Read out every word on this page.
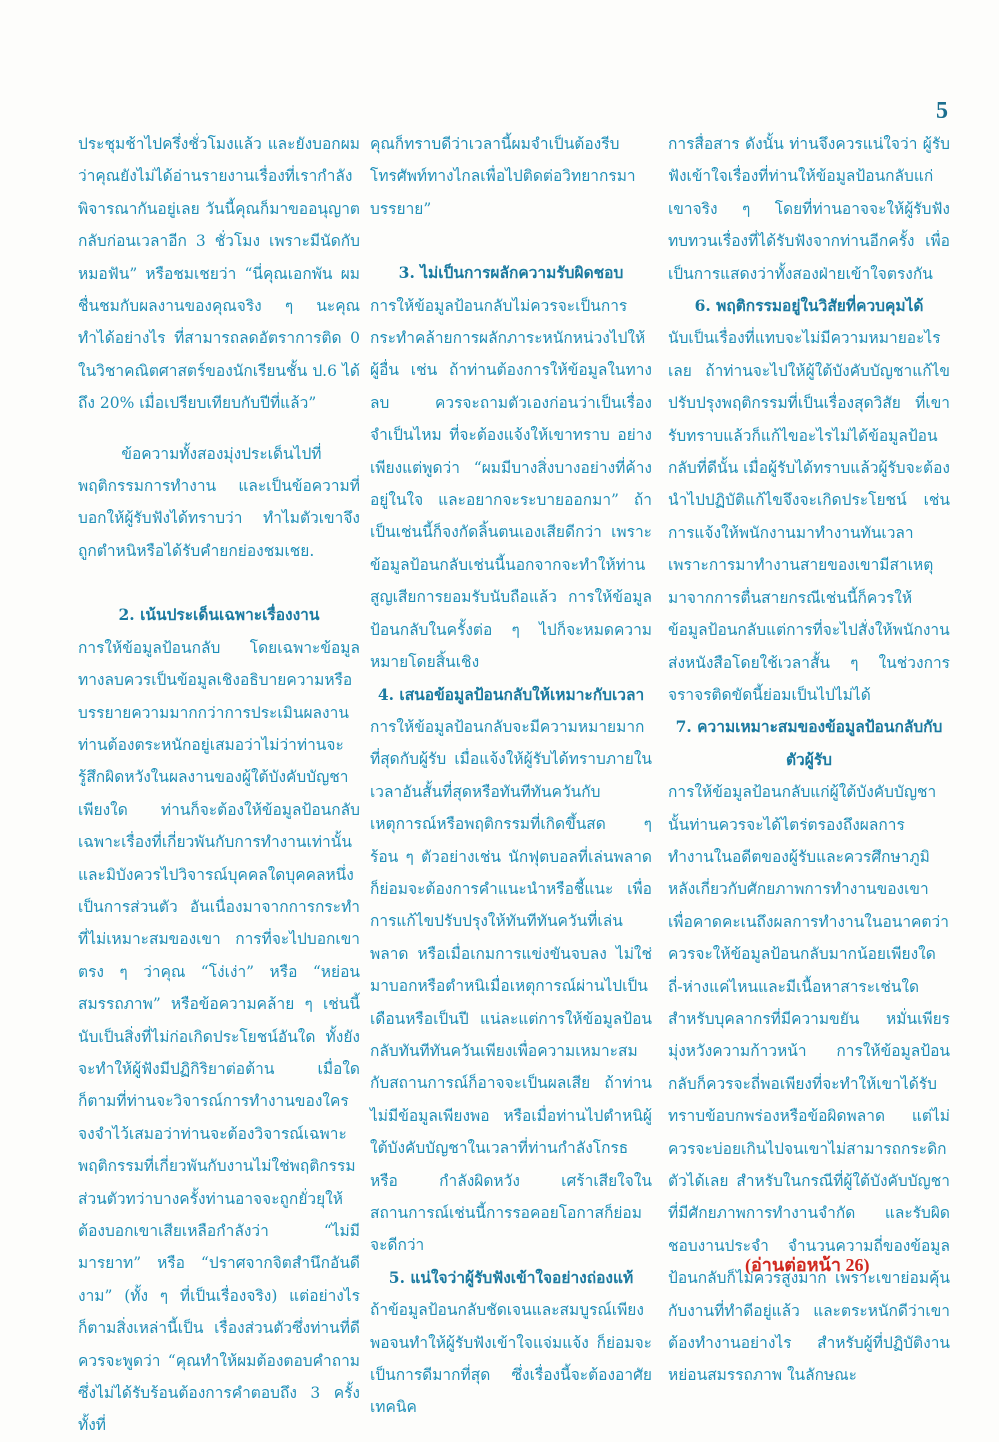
5

ประชุมช้าไปครึ่งชั่วโมงแล้ว และยังบอกผมว่าคุณยังไม่ได้อ่านรายงานเรื่องที่เรากำลังพิจารณากันอยู่เลย วันนี้คุณก็มาขออนุญาตกลับก่อนเวลาอีก 3 ชั่วโมง เพราะมีนัดกับหมอฟัน” หรือชมเชยว่า “นี่คุณเอกพัน ผมชื่นชมกับผลงานของคุณจริง ๆ นะคุณทำได้อย่างไร ที่สามารถลดอัตราการติด 0 ในวิชาคณิตศาสตร์ของนักเรียนชั้น ป.6 ได้ถึง 20% เมื่อเปรียบเทียบกับปีที่แล้ว”

ข้อความทั้งสองมุ่งประเด็นไปที่พฤติกรรมการทำงาน และเป็นข้อความที่บอกให้ผู้รับฟังได้ทราบว่า ทำไมตัวเขาจึงถูกตำหนิหรือได้รับคำยกย่องชมเชย.

2. เน้นประเด็นเฉพาะเรื่องงาน

การให้ข้อมูลป้อนกลับ โดยเฉพาะข้อมูลทางลบควรเป็นข้อมูลเชิงอธิบายความหรือบรรยายความมากกว่าการประเมินผลงาน ท่านต้องตระหนักอยู่เสมอว่าไม่ว่าท่านจะรู้สึกผิดหวังในผลงานของผู้ใต้บังคับบัญชาเพียงใด ท่านก็จะต้องให้ข้อมูลป้อนกลับเฉพาะเรื่องที่เกี่ยวพันกับการทำงานเท่านั้น และมิบังควรไปวิจารณ์บุคคลใดบุคคลหนึ่งเป็นการส่วนตัว อันเนื่องมาจากการกระทำที่ไม่เหมาะสมของเขา การที่จะไปบอกเขาตรง ๆ ว่าคุณ “โง่เง่า” หรือ “หย่อนสมรรถภาพ” หรือข้อความคล้าย ๆ เช่นนี้ นับเป็นสิ่งที่ไม่ก่อเกิดประโยชน์อันใด ทั้งยังจะทำให้ผู้ฟังมีปฏิกิริยาต่อต้าน เมื่อใดก็ตามที่ท่านจะวิจารณ์การทำงานของใครจงจำไว้เสมอว่าท่านจะต้องวิจารณ์เฉพาะพฤติกรรมที่เกี่ยวพันกับงานไม่ใช่พฤติกรรมส่วนตัวทว่าบางครั้งท่านอาจจะถูกยั่วยุให้ต้องบอกเขาเสียเหลือกำลังว่า “ไม่มีมารยาท” หรือ “ปราศจากจิตสำนึกอันดีงาม” (ทั้ง ๆ ที่เป็นเรื่องจริง) แต่อย่างไรก็ตามสิ่งเหล่านี้เป็น เรื่องส่วนตัวซึ่งท่านที่ดีควรจะพูดว่า “คุณทำให้ผมต้องตอบคำถามซึ่งไม่ได้รับร้อนต้องการคำตอบถึง 3 ครั้ง ทั้งที่

คุณก็ทราบดีว่าเวลานี้ผมจำเป็นต้องรีบโทรศัพท์ทางไกลเพื่อไปติดต่อวิทยากรมาบรรยาย”

3. ไม่เป็นการผลักความรับผิดชอบ

การให้ข้อมูลป้อนกลับไม่ควรจะเป็นการกระทำคล้ายการผลักภาระหนักหน่วงไปให้ผู้อื่น เช่น ถ้าท่านต้องการให้ข้อมูลในทางลบ ควรจะถามตัวเองก่อนว่าเป็นเรื่องจำเป็นไหม ที่จะต้องแจ้งให้เขาทราบ อย่างเพียงแต่พูดว่า “ผมมีบางสิ่งบางอย่างที่ค้างอยู่ในใจ และอยากจะระบายออกมา” ถ้าเป็นเช่นนี้ก็จงกัดลิ้นตนเองเสียดีกว่า เพราะข้อมูลป้อนกลับเช่นนี้นอกจากจะทำให้ท่านสูญเสียการยอมรับนับถือแล้ว การให้ข้อมูลป้อนกลับในครั้งต่อ ๆ ไปก็จะหมดความหมายโดยสิ้นเชิง

4. เสนอข้อมูลป้อนกลับให้เหมาะกับเวลา

การให้ข้อมูลป้อนกลับจะมีความหมายมากที่สุดกับผู้รับ เมื่อแจ้งให้ผู้รับได้ทราบภายในเวลาอันสั้นที่สุดหรือทันทีทันควันกับเหตุการณ์หรือพฤติกรรมที่เกิดขึ้นสด ๆ ร้อน ๆ ตัวอย่างเช่น นักฟุตบอลที่เล่นพลาด ก็ย่อมจะต้องการคำแนะนำหรือชี้แนะ เพื่อการแก้ไขปรับปรุงให้ทันทีทันควันที่เล่นพลาด หรือเมื่อเกมการแข่งขันจบลง ไม่ใช่มาบอกหรือตำหนิเมื่อเหตุการณ์ผ่านไปเป็นเดือนหรือเป็นปี แน่ละแต่การให้ข้อมูลป้อนกลับทันทีทันควันเพียงเพื่อความเหมาะสมกับสถานการณ์ก็อาจจะเป็นผลเสีย ถ้าท่านไม่มีข้อมูลเพียงพอ หรือเมื่อท่านไปตำหนิผู้ใต้บังคับบัญชาในเวลาที่ท่านกำลังโกรธ หรือ กำลังผิดหวัง เศร้าเสียใจในสถานการณ์เช่นนี้การรอคอยโอกาสก็ย่อมจะดีกว่า

5. แน่ใจว่าผู้รับฟังเข้าใจอย่างถ่องแท้

ถ้าข้อมูลป้อนกลับชัดเจนและสมบูรณ์เพียงพอจนทำให้ผู้รับฟังเข้าใจแจ่มแจ้ง ก็ย่อมจะเป็นการดีมากที่สุด ซึ่งเรื่องนี้จะต้องอาศัยเทคนิค

การสื่อสาร ดังนั้น ท่านจึงควรแน่ใจว่า ผู้รับฟังเข้าใจเรื่องที่ท่านให้ข้อมูลป้อนกลับแก่เขาจริง ๆ โดยที่ท่านอาจจะให้ผู้รับฟังทบทวนเรื่องที่ได้รับฟังจากท่านอีกครั้ง เพื่อเป็นการแสดงว่าทั้งสองฝ่ายเข้าใจตรงกัน

6. พฤติกรรมอยู่ในวิสัยที่ควบคุมได้

นับเป็นเรื่องที่แทบจะไม่มีความหมายอะไรเลย ถ้าท่านจะไปให้ผู้ใต้บังคับบัญชาแก้ไขปรับปรุงพฤติกรรมที่เป็นเรื่องสุดวิสัย ที่เขารับทราบแล้วก็แก้ไขอะไรไม่ได้ข้อมูลป้อนกลับที่ดีนั้น เมื่อผู้รับได้ทราบแล้วผู้รับจะต้องนำไปปฏิบัติแก้ไขจึงจะเกิดประโยชน์ เช่น การแจ้งให้พนักงานมาทำงานทันเวลา เพราะการมาทำงานสายของเขามีสาเหตุมาจากการตื่นสายกรณีเช่นนี้ก็ควรให้ข้อมูลป้อนกลับแต่การที่จะไปสั่งให้พนักงานส่งหนังสือโดยใช้เวลาสั้น ๆ ในช่วงการจราจรติดขัดนี้ย่อมเป็นไปไม่ได้

7. ความเหมาะสมของข้อมูลป้อนกลับกับตัวผู้รับ

การให้ข้อมูลป้อนกลับแก่ผู้ใต้บังคับบัญชานั้นท่านควรจะได้ไตร่ตรองถึงผลการทำงานในอดีตของผู้รับและควรศึกษาภูมิหลังเกี่ยวกับศักยภาพการทำงานของเขาเพื่อคาดคะเนถึงผลการทำงานในอนาคตว่าควรจะให้ข้อมูลป้อนกลับมากน้อยเพียงใด ถี่-ห่างแค่ไหนและมีเนื้อหาสาระเช่นใด สำหรับบุคลากรที่มีความขยัน หมั่นเพียร มุ่งหวังความก้าวหน้า การให้ข้อมูลป้อนกลับก็ควรจะถี่พอเพียงที่จะทำให้เขาได้รับทราบข้อบกพร่องหรือข้อผิดพลาด แต่ไม่ควรจะบ่อยเกินไปจนเขาไม่สามารถกระดิกตัวได้เลย สำหรับในกรณีที่ผู้ใต้บังคับบัญชาที่มีศักยภาพการทำงานจำกัด และรับผิดชอบงานประจำ จำนวนความถี่ของข้อมูลป้อนกลับก็ไม่ควรสูงมาก เพราะเขาย่อมคุ้นกับงานที่ทำดีอยู่แล้ว และตระหนักดีว่าเขาต้องทำงานอย่างไร สำหรับผู้ที่ปฏิบัติงานหย่อนสมรรถภาพ ในลักษณะ

(อ่านต่อหน้า 26)
